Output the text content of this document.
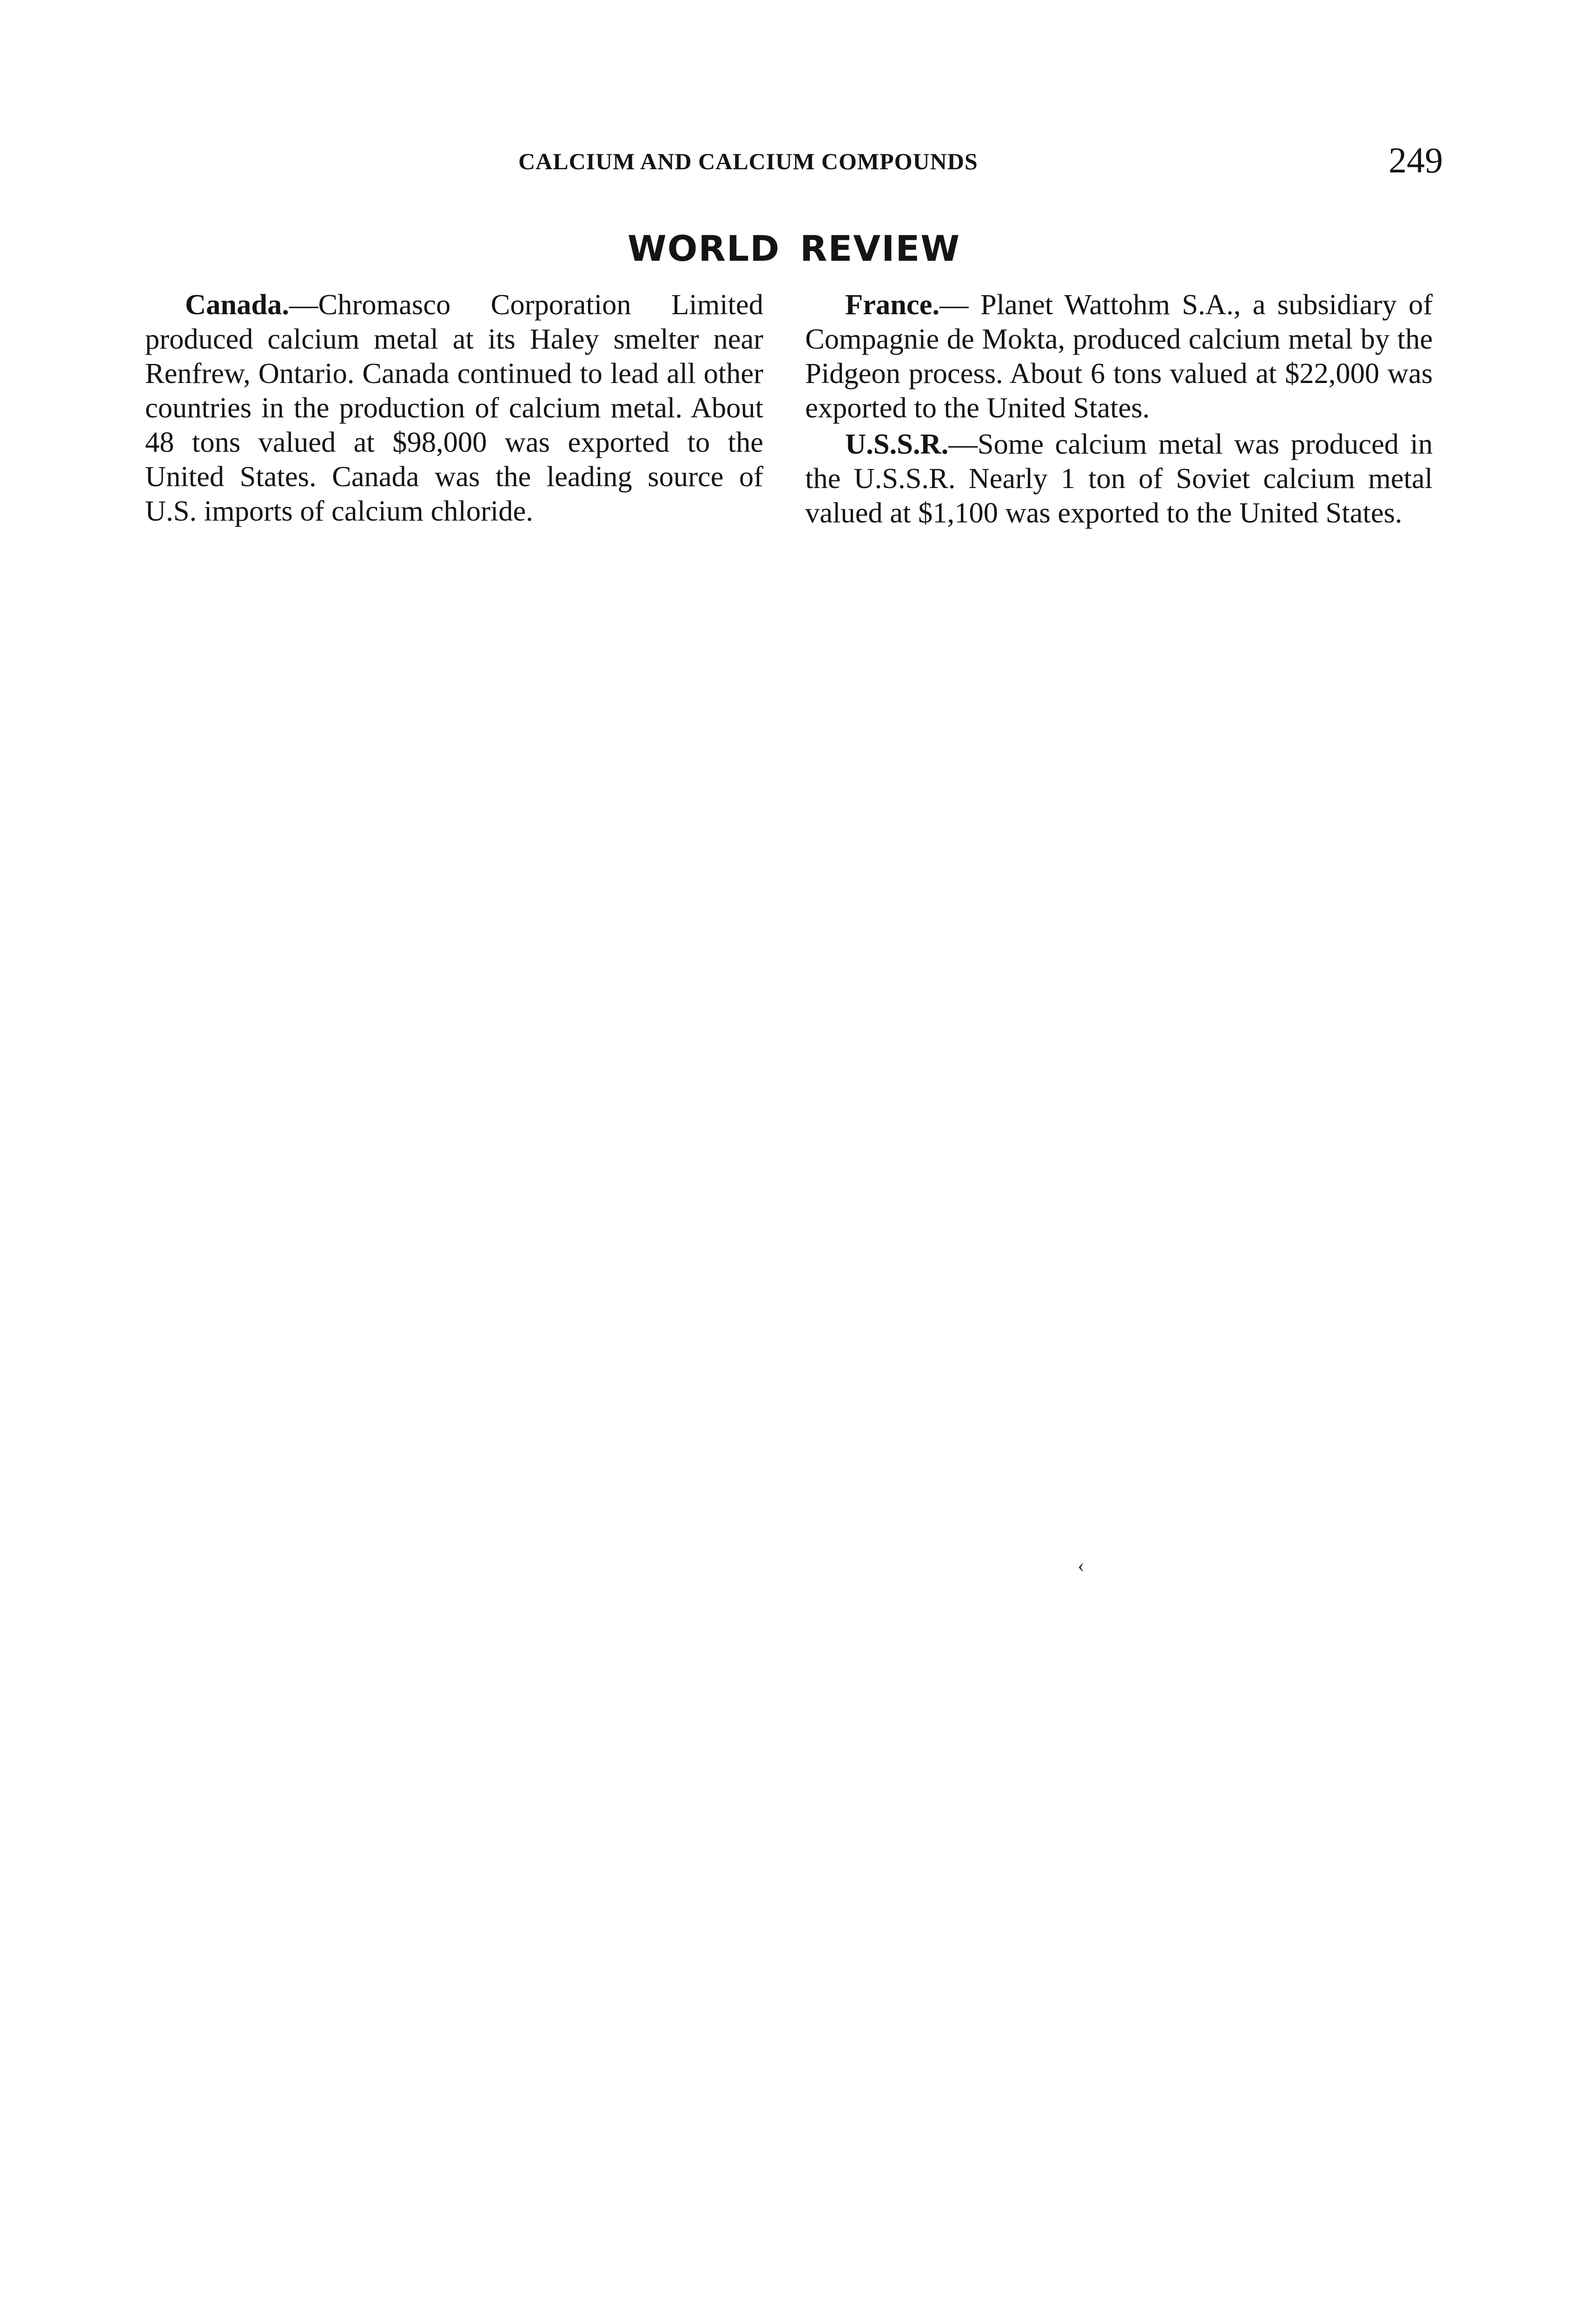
CALCIUM AND CALCIUM COMPOUNDS	249
WORLD REVIEW

Canada.—Chromasco Corporation Limited produced calcium metal at its Haley smelter near Renfrew, Ontario. Canada continued to lead all other countries in the production of calcium metal. About 48 tons valued at $98,000 was exported to the United States. Canada was the leading source of U.S. imports of calcium chloride.

France.— Planet Wattohm S.A., a subsidiary of Compagnie de Mokta, produced calcium metal by the Pidgeon process. About 6 tons valued at $22,000 was exported to the United States.

U.S.S.R.—Some calcium metal was produced in the U.S.S.R. Nearly 1 ton of Soviet calcium metal valued at $1,100 was exported to the United States.

‹
